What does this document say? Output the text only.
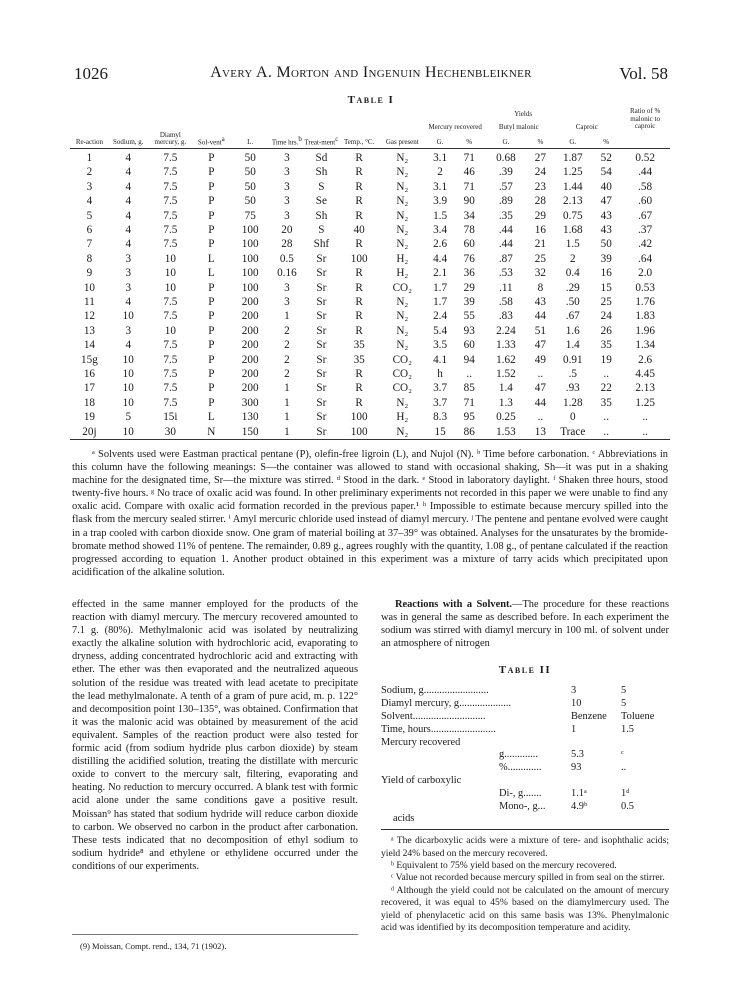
1026	Avery A. Morton and Ingenuin Hechenbleikner	Vol. 58
Table I
									Yields						Ratio of % malonic to caproic
									Mercury recovered		Butyl malonic		Caproic		
Re-action	Sodium, g.	Diamyl mercury, g.	Sol-vent$^a$	L.	Time hrs.$^b$	Treat-ment$^c$	Temp., °C.	Gas present	G.	%	G.	%	G.	%	
1	4	7.5	P	50	3	Sd	R	N₂	3.1	71	0.68	27	1.87	52	0.52
2	4	7.5	P	50	3	Sh	R	N₂	2	46	.39	24	1.25	54	.44
3	4	7.5	P	50	3	S	R	N₂	3.1	71	.57	23	1.44	40	.58
4	4	7.5	P	50	3	Se	R	N₂	3.9	90	.89	28	2.13	47	.60
5	4	7.5	P	75	3	Sh	R	N₂	1.5	34	.35	29	0.75	43	.67
6	4	7.5	P	100	20	S	40	N₂	3.4	78	.44	16	1.68	43	.37
7	4	7.5	P	100	28	Shf	R	N₂	2.6	60	.44	21	1.5	50	.42
8	3	10	L	100	0.5	Sr	100	H₂	4.4	76	.87	25	2	39	.64
9	3	10	L	100	0.16	Sr	R	H₂	2.1	36	.53	32	0.4	16	2.0
10	3	10	P	100	3	Sr	R	CO₂	1.7	29	.11	8	.29	15	0.53
11	4	7.5	P	200	3	Sr	R	N₂	1.7	39	.58	43	.50	25	1.76
12	10	7.5	P	200	1	Sr	R	N₂	2.4	55	.83	44	.67	24	1.83
13	3	10	P	200	2	Sr	R	N₂	5.4	93	2.24	51	1.6	26	1.96
14	4	7.5	P	200	2	Sr	35	N₂	3.5	60	1.33	47	1.4	35	1.34
15g	10	7.5	P	200	2	Sr	35	CO₂	4.1	94	1.62	49	0.91	19	2.6
16	10	7.5	P	200	2	Sr	R	CO₂	h	..	1.52	..	.5	..	4.45
17	10	7.5	P	200	1	Sr	R	CO₂	3.7	85	1.4	47	.93	22	2.13
18	10	7.5	P	300	1	Sr	R	N₂	3.7	71	1.3	44	1.28	35	1.25
19	5	15i	L	130	1	Sr	100	H₂	8.3	95	0.25	..	0	..	..
20j	10	30	N	150	1	Sr	100	N₂	15	86	1.53	13	Trace	..	..

ᵃ Solvents used were Eastman practical pentane (P), olefin-free ligroin (L), and Nujol (N). ᵇ Time before carbonation. ᶜ Abbreviations in this column have the following meanings: S—the container was allowed to stand with occasional shaking, Sh—it was put in a shaking machine for the designated time, Sr—the mixture was stirred. ᵈ Stood in the dark. ᵉ Stood in laboratory daylight. ᶠ Shaken three hours, stood twenty-five hours. ᵍ No trace of oxalic acid was found. In other preliminary experiments not recorded in this paper we were unable to find any oxalic acid. Compare with oxalic acid formation recorded in the previous paper.¹ ʰ Impossible to estimate because mercury spilled into the flask from the mercury sealed stirrer. ⁱ Amyl mercuric chloride used instead of diamyl mercury. ʲ The pentene and pentane evolved were caught in a trap cooled with carbon dioxide snow. One gram of material boiling at 37–39° was obtained. Analyses for the unsaturates by the bromide-bromate method showed 11% of pentene. The remainder, 0.89 g., agrees roughly with the quantity, 1.08 g., of pentane calculated if the reaction progressed according to equation 1. Another product obtained in this experiment was a mixture of tarry acids which precipitated upon acidification of the alkaline solution.

effected in the same manner employed for the products of the reaction with diamyl mercury. The mercury recovered amounted to 7.1 g. (80%). Methylmalonic acid was isolated by neutralizing exactly the alkaline solution with hydrochloric acid, evaporating to dryness, adding concentrated hydrochloric acid and extracting with ether. The ether was then evaporated and the neutralized aqueous solution of the residue was treated with lead acetate to precipitate the lead methylmalonate. A tenth of a gram of pure acid, m. p. 122° and decomposition point 130–135°, was obtained. Confirmation that it was the malonic acid was obtained by measurement of the acid equivalent. Samples of the reaction product were also tested for formic acid (from sodium hydride plus carbon dioxide) by steam distilling the acidified solution, treating the distillate with mercuric oxide to convert to the mercury salt, filtering, evaporating and heating. No reduction to mercury occurred. A blank test with formic acid alone under the same conditions gave a positive result. Moissan⁹ has stated that sodium hydride will reduce carbon dioxide to carbon. We observed no carbon in the product after carbonation. These tests indicated that no decomposition of ethyl sodium to sodium hydride⁸ and ethylene or ethylidene occurred under the conditions of our experiments.

(9) Moissan, Compt. rend., 134, 71 (1902).

Reactions with a Solvent.—The procedure for these reactions was in general the same as described before. In each experiment the sodium was stirred with diamyl mercury in 100 ml. of solvent under an atmosphere of nitrogen

Table II
Sodium, g.........................	3	5
Diamyl mercury, g....................	10	5
Solvent............................	Benzene	Toluene
Time, hours.........................	1	1.5
Mercury recovered		
g.............	5.3	ᶜ
%.............	93	..
Yield of carboxylic		
Di-, g.......	1.1ᵃ	1ᵈ
Mono-, g...	4.9ᵇ	0.5
acids		

ᵃ The dicarboxylic acids were a mixture of tere- and isophthalic acids; yield 24% based on the mercury recovered.

ᵇ Equivalent to 75% yield based on the mercury recovered.

ᶜ Value not recorded because mercury spilled in from seal on the stirrer.

ᵈ Although the yield could not be calculated on the amount of mercury recovered, it was equal to 45% based on the diamylmercury used. The yield of phenylacetic acid on this same basis was 13%. Phenylmalonic acid was identified by its decomposition temperature and acidity.
